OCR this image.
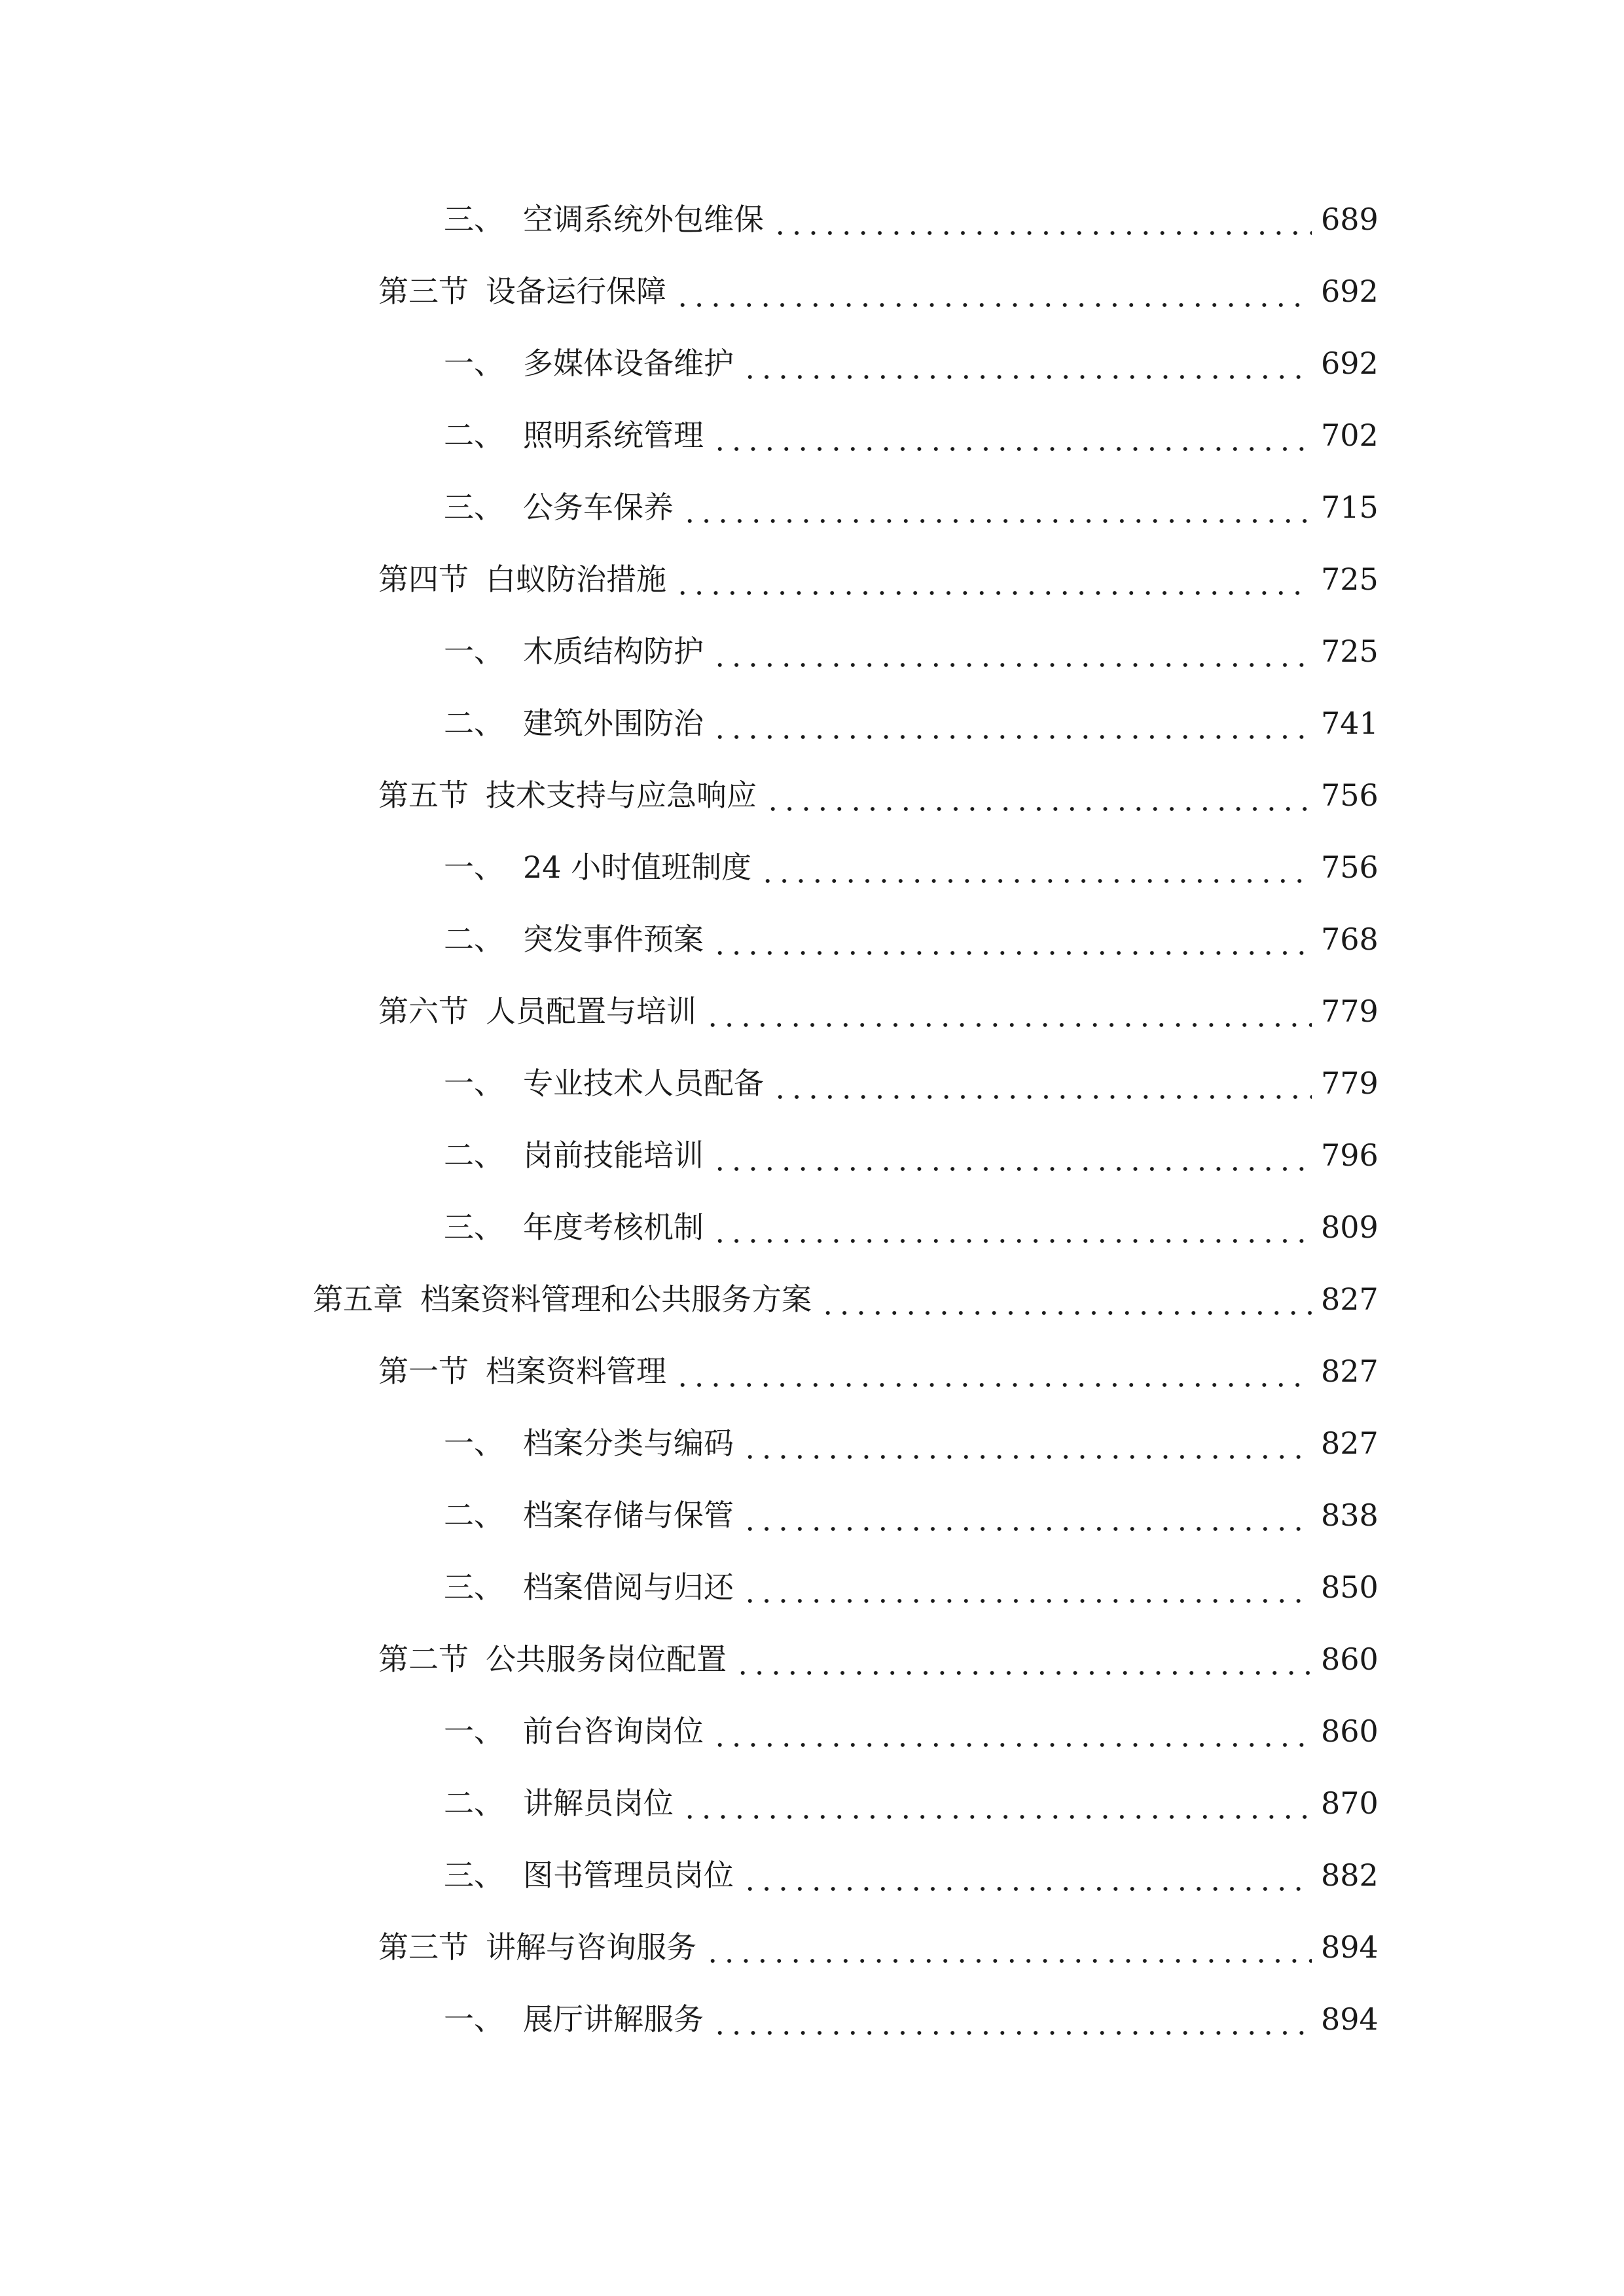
三、 空调系统外包维保	689
第三节 设备运行保障	692
一、 多媒体设备维护	692
二、 照明系统管理	702
三、 公务车保养	715
第四节 白蚁防治措施	725
一、 木质结构防护	725
二、 建筑外围防治	741
第五节 技术支持与应急响应	756
一、 24 小时值班制度	756
二、 突发事件预案	768
第六节 人员配置与培训	779
一、 专业技术人员配备	779
二、 岗前技能培训	796
三、 年度考核机制	809
第五章 档案资料管理和公共服务方案	827
第一节 档案资料管理	827
一、 档案分类与编码	827
二、 档案存储与保管	838
三、 档案借阅与归还	850
第二节 公共服务岗位配置	860
一、 前台咨询岗位	860
二、 讲解员岗位	870
三、 图书管理员岗位	882
第三节 讲解与咨询服务	894
一、 展厅讲解服务	894
